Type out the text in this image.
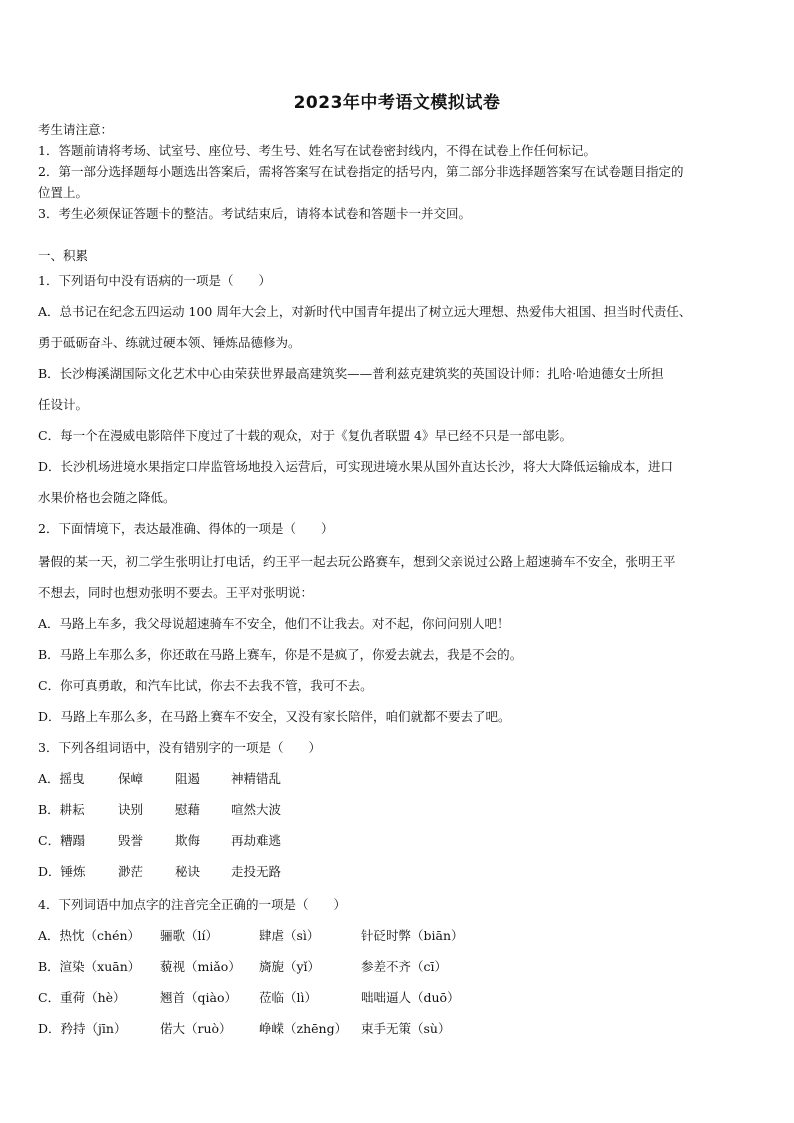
2023年中考语文模拟试卷
考生请注意：
1．答题前请将考场、试室号、座位号、考生号、姓名写在试卷密封线内，不得在试卷上作任何标记。
2．第一部分选择题每小题选出答案后，需将答案写在试卷指定的括号内，第二部分非选择题答案写在试卷题目指定的
位置上。
3．考生必须保证答题卡的整洁。考试结束后，请将本试卷和答题卡一并交回。
一、积累
1．下列语句中没有语病的一项是（　　）
A．总书记在纪念五四运动 100 周年大会上，对新时代中国青年提出了树立远大理想、热爱伟大祖国、担当时代责任、
勇于砥砺奋斗、练就过硬本领、锤炼品德修为。
B．长沙梅溪湖国际文化艺术中心由荣获世界最高建筑奖——普利兹克建筑奖的英国设计师：扎哈·哈迪德女士所担
任设计。
C．每一个在漫威电影陪伴下度过了十载的观众，对于《复仇者联盟 4》早已经不只是一部电影。
D．长沙机场进境水果指定口岸监管场地投入运营后，可实现进境水果从国外直达长沙，将大大降低运输成本，进口
水果价格也会随之降低。
2．下面情境下，表达最准确、得体的一项是（　　）
暑假的某一天，初二学生张明让打电话，约王平一起去玩公路赛车，想到父亲说过公路上超速骑车不安全，张明王平
不想去，同时也想劝张明不要去。王平对张明说：
A．马路上车多，我父母说超速骑车不安全，他们不让我去。对不起，你问问别人吧！
B．马路上车那么多，你还敢在马路上赛车，你是不是疯了，你爱去就去，我是不会的。
C．你可真勇敢，和汽车比试，你去不去我不管，我可不去。
D．马路上车那么多，在马路上赛车不安全，又没有家长陪伴，咱们就都不要去了吧。
3．下列各组词语中，没有错别字的一项是（　　）
A．摇曳	保嶂	阻遏 神精错乱
B．耕耘	诀别	慰藉 喧然大波
C．糟蹋	毁誉	欺侮 再劫难逃
D．锤炼	渺茫	秘诀 走投无路
4．下列词语中加点字的注音完全正确的一项是（　　）
A．热忱（chén） 骊歌（lí）	肆虐（sì）	针砭时弊（biān）
B．渲染（xuān） 藐视（miǎo） 旖旎（yǐ）	参差不齐（cī）
C．重荷（hè）	翘首（qiào） 莅临（lì）	咄咄逼人（duō）
D．矜持（jīn）	偌大（ruò） 峥嵘（zhēng） 束手无策（sù）
